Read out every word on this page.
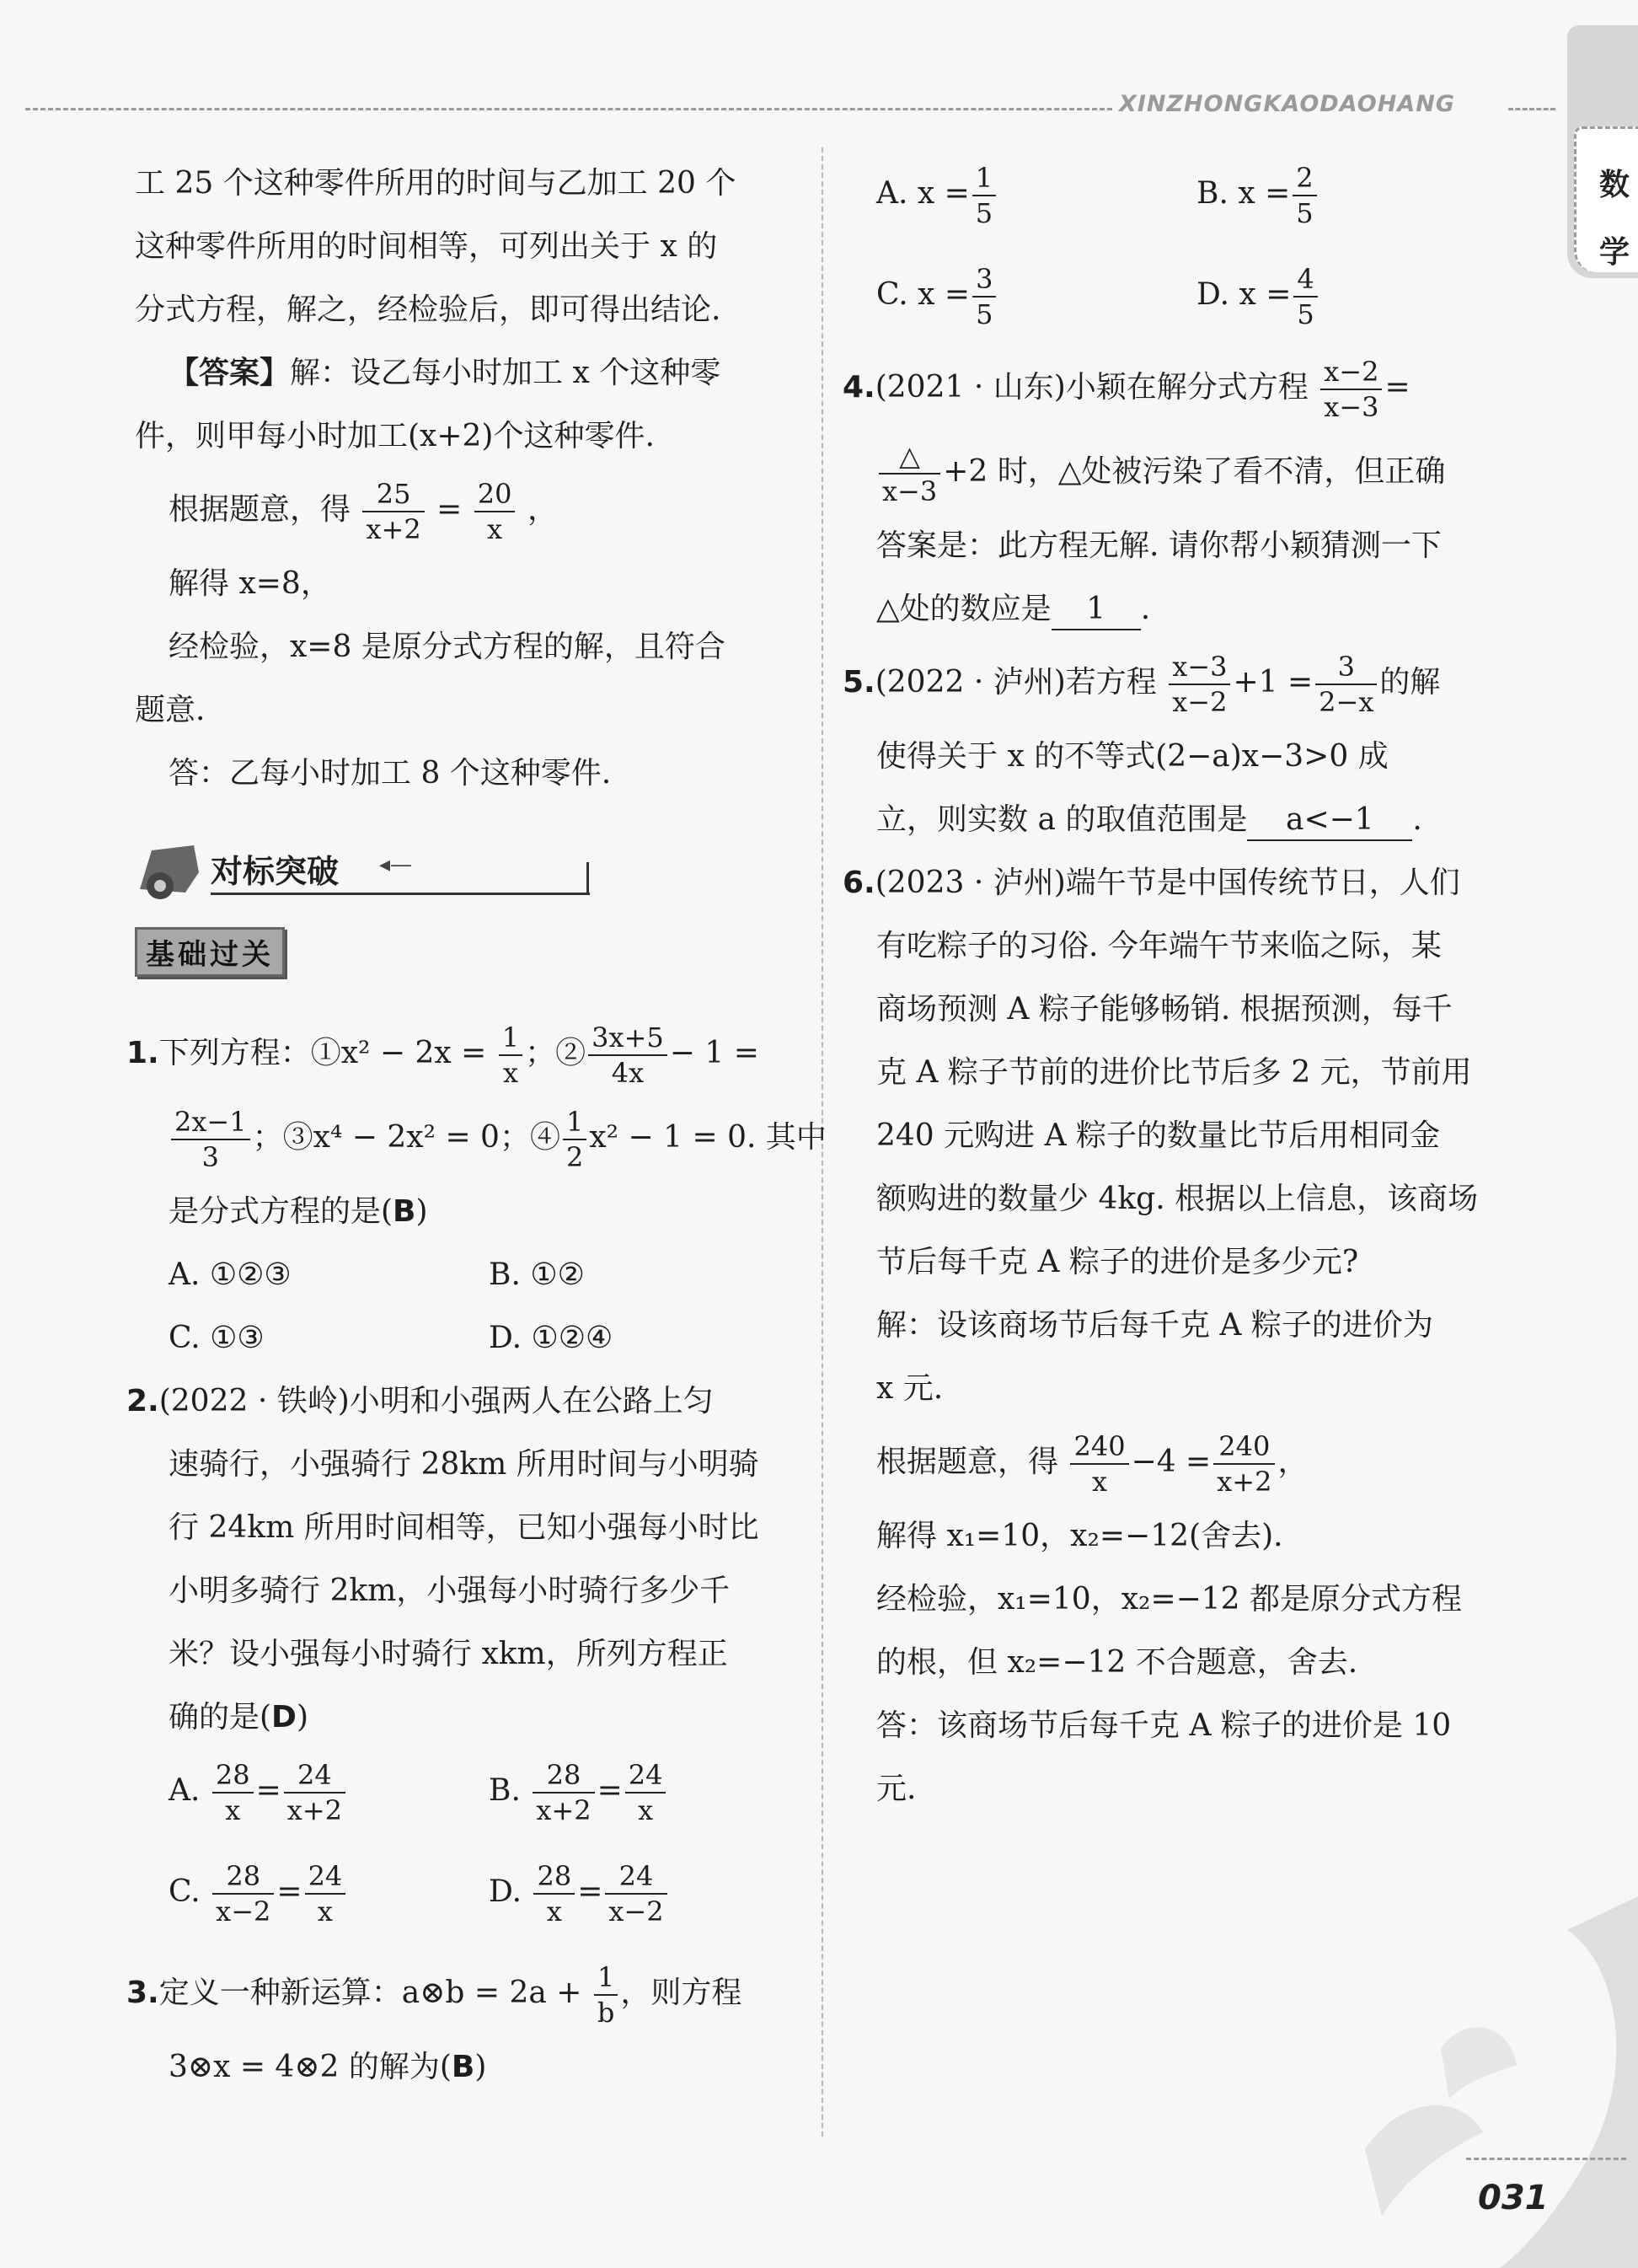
XINZHONGKAODAOHANG
数学
工 25 个这种零件所用的时间与乙加工 20 个
这种零件所用的时间相等，可列出关于 x 的
分式方程，解之，经检验后，即可得出结论.
【答案】解：设乙每小时加工 x 个这种零
件，则甲每小时加工(x+2)个这种零件.
根据题意，得 $\frac{25}{x+2} = \frac{20}{x}$ ，
解得 x=8，
经检验，x=8 是原分式方程的解，且符合
题意.
答：乙每小时加工 8 个这种零件.
对标突破 ◂—
基础过关
1.下列方程：①x² − $2x = \frac{1}{x}$ ；② $\frac{3x+5}{4x} - 1$ =
$\frac{2x-1}{3}$ ；③x⁴ − 2x² = 0；④ $\frac{1}{2} x^2 - 1 = 0$. 其中
是分式方程的是(B)
A. ①②③	B. ①②
C. ①③	D. ①②④
2.(2022 · 铁岭)小明和小强两人在公路上匀
速骑行，小强骑行 28km 所用时间与小明骑
行 24km 所用时间相等，已知小强每小时比
小明多骑行 2km，小强每小时骑行多少千
米？设小强每小时骑行 xkm，所列方程正
确的是(D)
A. $\frac{28}{x} = \frac{24}{x+2}$	B. $\frac{28}{x+2} = \frac{24}{x}$
C. $\frac{28}{x-2} = \frac{24}{x}$	D. $\frac{28}{x} = \frac{24}{x-2}$
3.定义一种新运算：a⊗b = $2a + \frac{1}{b}$ ，则方程
3⊗x = 4⊗2 的解为(B)
A. $x = \frac{1}{5}$	B. $x = \frac{2}{5}$
C. $x = \frac{3}{5}$	D. $x = \frac{4}{5}$
4.(2021 · 山东)小颖在解分式方程 $\frac{x-2}{x-3}$ =
$\frac{\triangle}{x-3} +2$ 时，△处被污染了看不清，但正确
答案是：此方程无解. 请你帮小颖猜测一下
△处的数应是 1 .
5.(2022 · 泸州)若方程 $\frac{x-3}{x-2} +1 = \frac{3}{2-x}$ 的解
使得关于 x 的不等式(2−a)x−3>0 成
立，则实数 a 的取值范围是 a<−1 .
6.(2023 · 泸州)端午节是中国传统节日，人们
有吃粽子的习俗. 今年端午节来临之际，某
商场预测 A 粽子能够畅销. 根据预测，每千
克 A 粽子节前的进价比节后多 2 元，节前用
240 元购进 A 粽子的数量比节后用相同金
额购进的数量少 4kg. 根据以上信息，该商场
节后每千克 A 粽子的进价是多少元?
解：设该商场节后每千克 A 粽子的进价为
x 元.
根据题意，得 $\frac{240}{x} -4 = \frac{240}{x+2}$ ，
解得 x₁=10，x₂=−12(舍去).
经检验，x₁=10，x₂=−12 都是原分式方程
的根，但 x₂=−12 不合题意，舍去.
答：该商场节后每千克 A 粽子的进价是 10
元.
031
